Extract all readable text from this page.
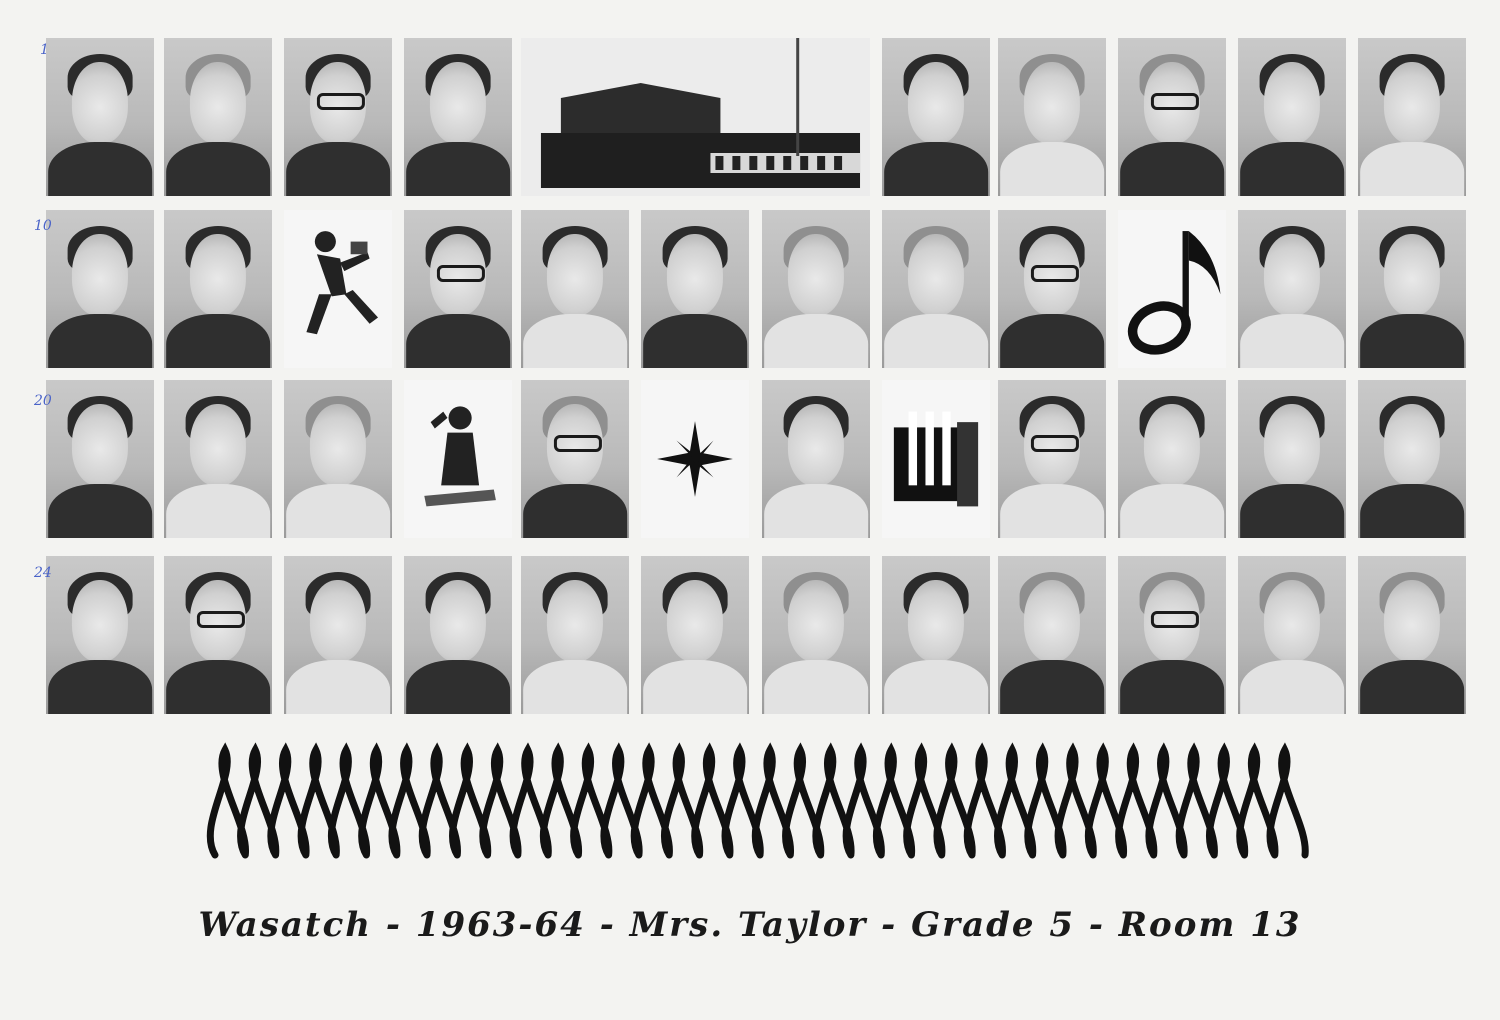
1
10
20
24
Wasatch - 1963-64 - Mrs. Taylor - Grade 5 - Room 13
